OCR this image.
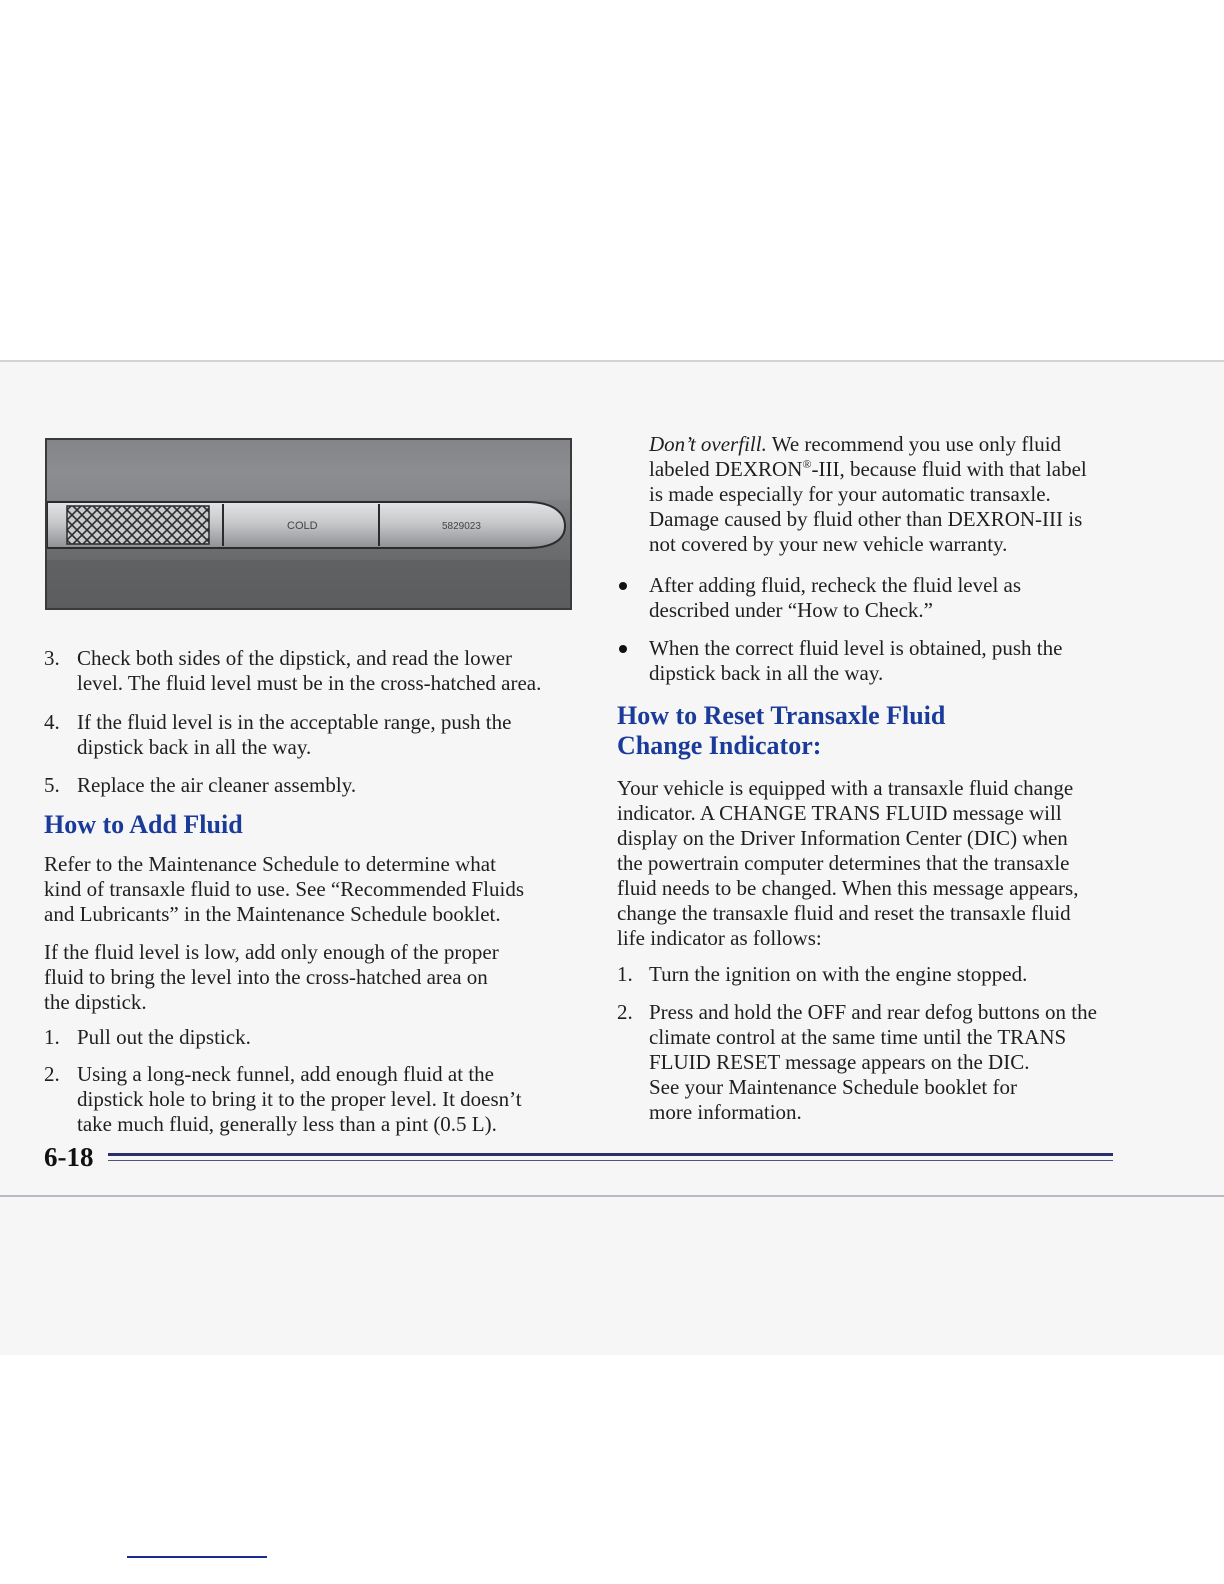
COLD	5829023
3. Check both sides of the dipstick, and read the lower
level. The fluid level must be in the cross-hatched area.
4. If the fluid level is in the acceptable range, push the
dipstick back in all the way.
5. Replace the air cleaner assembly.
How to Add Fluid
Refer to the Maintenance Schedule to determine what
kind of transaxle fluid to use. See “Recommended Fluids
and Lubricants” in the Maintenance Schedule booklet.
If the fluid level is low, add only enough of the proper
fluid to bring the level into the cross-hatched area on
the dipstick.
1. Pull out the dipstick.
2. Using a long-neck funnel, add enough fluid at the
dipstick hole to bring it to the proper level. It doesn’t
take much fluid, generally less than a pint (0.5 L).
Don’t overfill. We recommend you use only fluid
labeled DEXRON®-III, because fluid with that label
is made especially for your automatic transaxle.
Damage caused by fluid other than DEXRON-III is
not covered by your new vehicle warranty.
After adding fluid, recheck the fluid level as
described under “How to Check.”
When the correct fluid level is obtained, push the
dipstick back in all the way.
How to Reset Transaxle Fluid
Change Indicator:
Your vehicle is equipped with a transaxle fluid change
indicator. A CHANGE TRANS FLUID message will
display on the Driver Information Center (DIC) when
the powertrain computer determines that the transaxle
fluid needs to be changed. When this message appears,
change the transaxle fluid and reset the transaxle fluid
life indicator as follows:
1. Turn the ignition on with the engine stopped.
2. Press and hold the OFF and rear defog buttons on the
climate control at the same time until the TRANS
FLUID RESET message appears on the DIC.
See your Maintenance Schedule booklet for
more information.
6-18
